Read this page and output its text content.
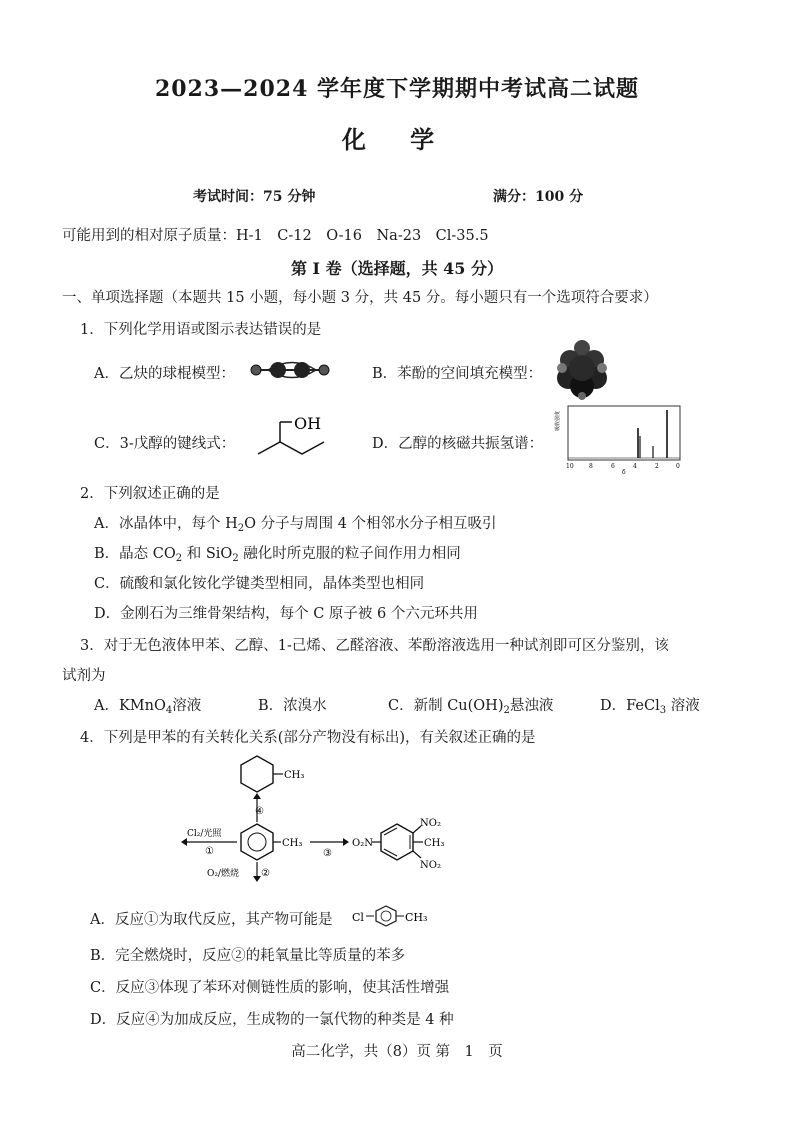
2023—2024 学年度下学期期中考试高二试题
化 学
考试时间：75 分钟	满分：100 分
可能用到的相对原子质量：H-1　C-12　O-16　Na-23　Cl-35.5
第 Ⅰ 卷（选择题，共 45 分）
一、单项选择题（本题共 15 小题，每小题 3 分，共 45 分。每小题只有一个选项符合要求）
1．下列化学用语或图示表达错误的是
A．乙炔的球棍模型：	B．苯酚的空间填充模型：
C．3-戊醇的键线式：
OH
D．乙醇的核磁共振氢谱：
吸收强度
10	8	6	4	2	0
δ
2．下列叙述正确的是
A．冰晶体中，每个 $H_2O$ 分子与周围 4 个相邻水分子相互吸引
B．晶态 $CO_2$ 和 SiO$_2$ 融化时所克服的粒子间作用力相同
C．硫酸和氯化铵化学键类型相同，晶体类型也相同
D．金刚石为三维骨架结构，每个 C 原子被 6 个六元环共用
3．对于无色液体甲苯、乙醇、1-己烯、乙醛溶液、苯酚溶液选用一种试剂即可区分鉴别，该
试剂为
A．KMnO$_4$溶液	B．浓溴水	C．新制 $Cu(OH)_2$悬浊液	D．FeCl$_3$ 溶液
4．下列是甲苯的有关转化关系(部分产物没有标出)，有关叙述正确的是
CH₃
④
CH₃
Cl₂/光照
①
O₂/燃烧 ②
③
O₂N
NO₂
CH₃
NO₂
A．反应①为取代反应，其产物可能是 Cl	CH₃
B．完全燃烧时，反应②的耗氧量比等质量的苯多
C．反应③体现了苯环对侧链性质的影响，使其活性增强
D．反应④为加成反应，生成物的一氯代物的种类是 4 种
高二化学，共（8）页 第　1　页
